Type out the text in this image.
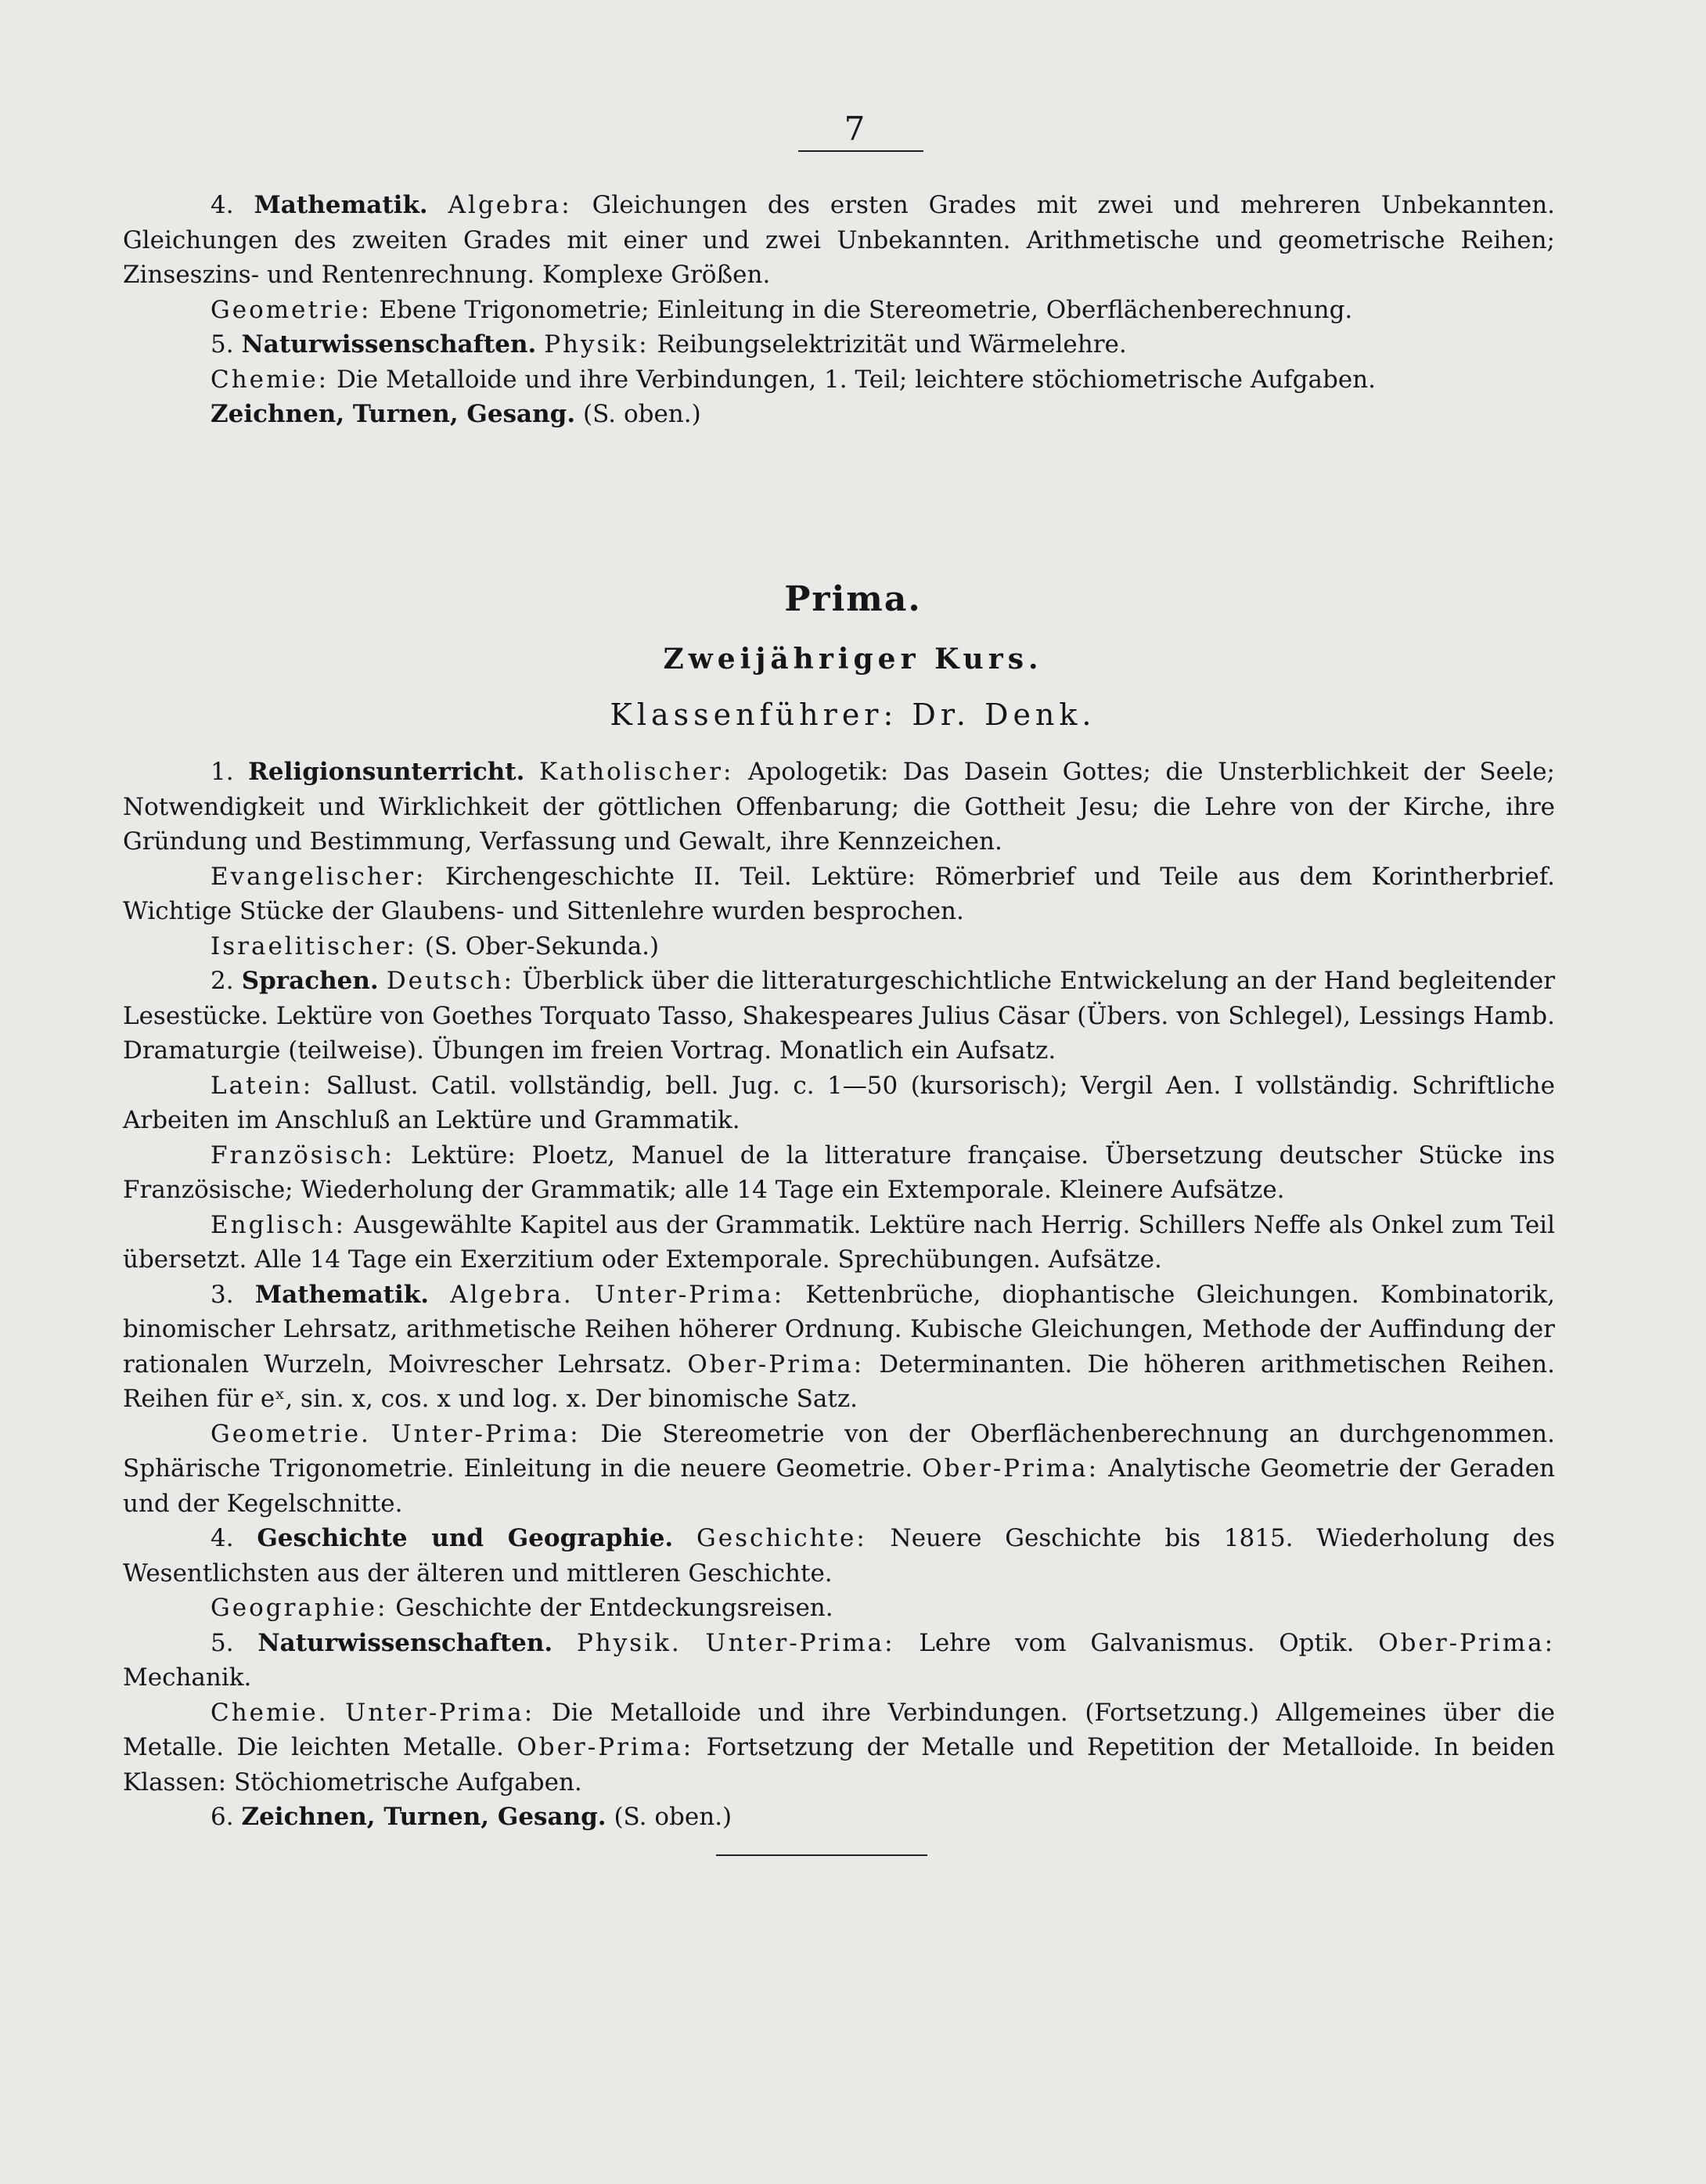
7

4. Mathematik. Algebra: Gleichungen des ersten Grades mit zwei und mehreren Unbekannten. Gleichungen des zweiten Grades mit einer und zwei Unbekannten. Arithmetische und geometrische Reihen; Zinseszins- und Rentenrechnung. Komplexe Größen.

Geometrie: Ebene Trigonometrie; Einleitung in die Stereometrie, Oberflächenberechnung.

5. Naturwissenschaften. Physik: Reibungselektrizität und Wärmelehre.

Chemie: Die Metalloide und ihre Verbindungen, 1. Teil; leichtere stöchiometrische Aufgaben.

Zeichnen, Turnen, Gesang. (S. oben.)

Prima.
Zweijähriger Kurs.
Klassenführer: Dr. Denk.

1. Religionsunterricht. Katholischer: Apologetik: Das Dasein Gottes; die Unsterblichkeit der Seele; Notwendigkeit und Wirklichkeit der göttlichen Offenbarung; die Gottheit Jesu; die Lehre von der Kirche, ihre Gründung und Bestimmung, Verfassung und Gewalt, ihre Kennzeichen.

Evangelischer: Kirchengeschichte II. Teil. Lektüre: Römerbrief und Teile aus dem Korintherbrief. Wichtige Stücke der Glaubens- und Sittenlehre wurden besprochen.

Israelitischer: (S. Ober-Sekunda.)

2. Sprachen. Deutsch: Überblick über die litteraturgeschichtliche Entwickelung an der Hand begleitender Lesestücke. Lektüre von Goethes Torquato Tasso, Shakespeares Julius Cäsar (Übers. von Schlegel), Lessings Hamb. Dramaturgie (teilweise). Übungen im freien Vortrag. Monatlich ein Aufsatz.

Latein: Sallust. Catil. vollständig, bell. Jug. c. 1—50 (kursorisch); Vergil Aen. I vollständig. Schriftliche Arbeiten im Anschluß an Lektüre und Grammatik.

Französisch: Lektüre: Ploetz, Manuel de la litterature française. Übersetzung deutscher Stücke ins Französische; Wiederholung der Grammatik; alle 14 Tage ein Extemporale. Kleinere Aufsätze.

Englisch: Ausgewählte Kapitel aus der Grammatik. Lektüre nach Herrig. Schillers Neffe als Onkel zum Teil übersetzt. Alle 14 Tage ein Exerzitium oder Extemporale. Sprechübungen. Aufsätze.

3. Mathematik. Algebra. Unter-Prima: Kettenbrüche, diophantische Gleichungen. Kombinatorik, binomischer Lehrsatz, arithmetische Reihen höherer Ordnung. Kubische Gleichungen, Methode der Auffindung der rationalen Wurzeln, Moivrescher Lehrsatz. Ober-Prima: Determinanten. Die höheren arithmetischen Reihen. Reihen für eˣ, sin. x, cos. x und log. x. Der binomische Satz.

Geometrie. Unter-Prima: Die Stereometrie von der Oberflächenberechnung an durchgenommen. Sphärische Trigonometrie. Einleitung in die neuere Geometrie. Ober-Prima: Analytische Geometrie der Geraden und der Kegelschnitte.

4. Geschichte und Geographie. Geschichte: Neuere Geschichte bis 1815. Wiederholung des Wesentlichsten aus der älteren und mittleren Geschichte.

Geographie: Geschichte der Entdeckungsreisen.

5. Naturwissenschaften. Physik. Unter-Prima: Lehre vom Galvanismus. Optik. Ober-Prima: Mechanik.

Chemie. Unter-Prima: Die Metalloide und ihre Verbindungen. (Fortsetzung.) Allgemeines über die Metalle. Die leichten Metalle. Ober-Prima: Fortsetzung der Metalle und Repetition der Metalloide. In beiden Klassen: Stöchiometrische Aufgaben.

6. Zeichnen, Turnen, Gesang. (S. oben.)
